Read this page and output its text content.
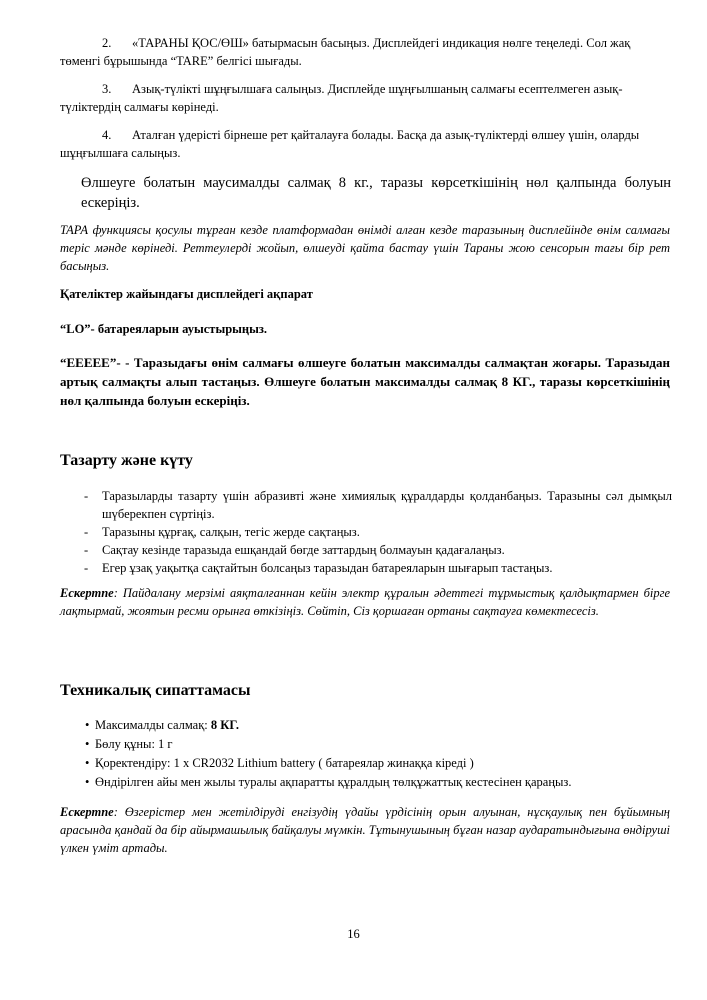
2. «ТАРАНЫ ҚОС/ӨШ» батырмасын басыңыз. Дисплейдегі индикация нөлге теңеледі. Сол жақ төменгі бұрышында “TARE” белгісі шығады.

3. Азық-түлікті шұңғылшаға салыңыз. Дисплейде шұңғылшаның салмағы есептелмеген азық-түліктердің салмағы көрінеді.

4. Аталған үдерісті бірнеше рет қайталауға болады. Басқа да азық-түліктерді өлшеу үшін, оларды шұңғылшаға салыңыз.

Өлшеуге болатын маусималды салмақ 8 кг., таразы көрсеткішінің нөл қалпында болуын ескеріңіз.

ТАРА функциясы қосулы тұрған кезде платформадан өнімді алған кезде таразының дисплейінде өнім салмағы теріс мәнде көрінеді. Реттеулерді жойып, өлшеуді қайта бастау үшін Тараны жою сенсорын тағы бір рет басыңыз.

Қателіктер жайындағы дисплейдегі ақпарат

“LO”- батареяларын ауыстырыңыз.

“EEEEE”- - Таразыдағы өнім салмағы өлшеуге болатын максималды салмақтан жоғары. Таразыдан артық салмақты алып тастаңыз. Өлшеуге болатын максималды салмақ 8 КГ., таразы көрсеткішінің нөл қалпында болуын ескеріңіз.

Тазарту және күту
- Таразыларды тазарту үшін абразивті және химиялық құралдарды қолданбаңыз. Таразыны сәл дымқыл шүберекпен сүртіңіз.
- Таразыны құрғақ, салқын, тегіс жерде сақтаңыз.
- Сақтау кезінде таразыда ешқандай бөгде заттардың болмауын қадағалаңыз.
- Егер ұзақ уақытқа сақтайтын болсаңыз таразыдан батареяларын шығарып тастаңыз.

Ескертпе: Пайдалану мерзімі аяқталғаннан кейін электр құралын әдеттегі тұрмыстық қалдықтармен бірге лақтырмай, жоятын ресми орынға өткізіңіз. Сөйтіп, Сіз қоршаған ортаны сақтауға көмектесесіз.

Техникалық сипаттамасы
• Максималды салмақ: 8 КГ.
• Бөлу құны: 1 г
• Қоректендіру: 1 х CR2032 Lithium battery ( батареялар жинаққа кіреді )
• Өндірілген айы мен жылы туралы ақпаратты құралдың төлқұжаттық кестесінен қараңыз.

Ескертпе: Өзгерістер мен жетілдіруді енгізудің үдайы үрдісінің орын алуынан, нұсқаулық пен бұйымның арасында қандай да бір айырмашылық байқалуы мүмкін. Тұтынушының бұған назар аударатындығына өндіруші үлкен үміт артады.

16
